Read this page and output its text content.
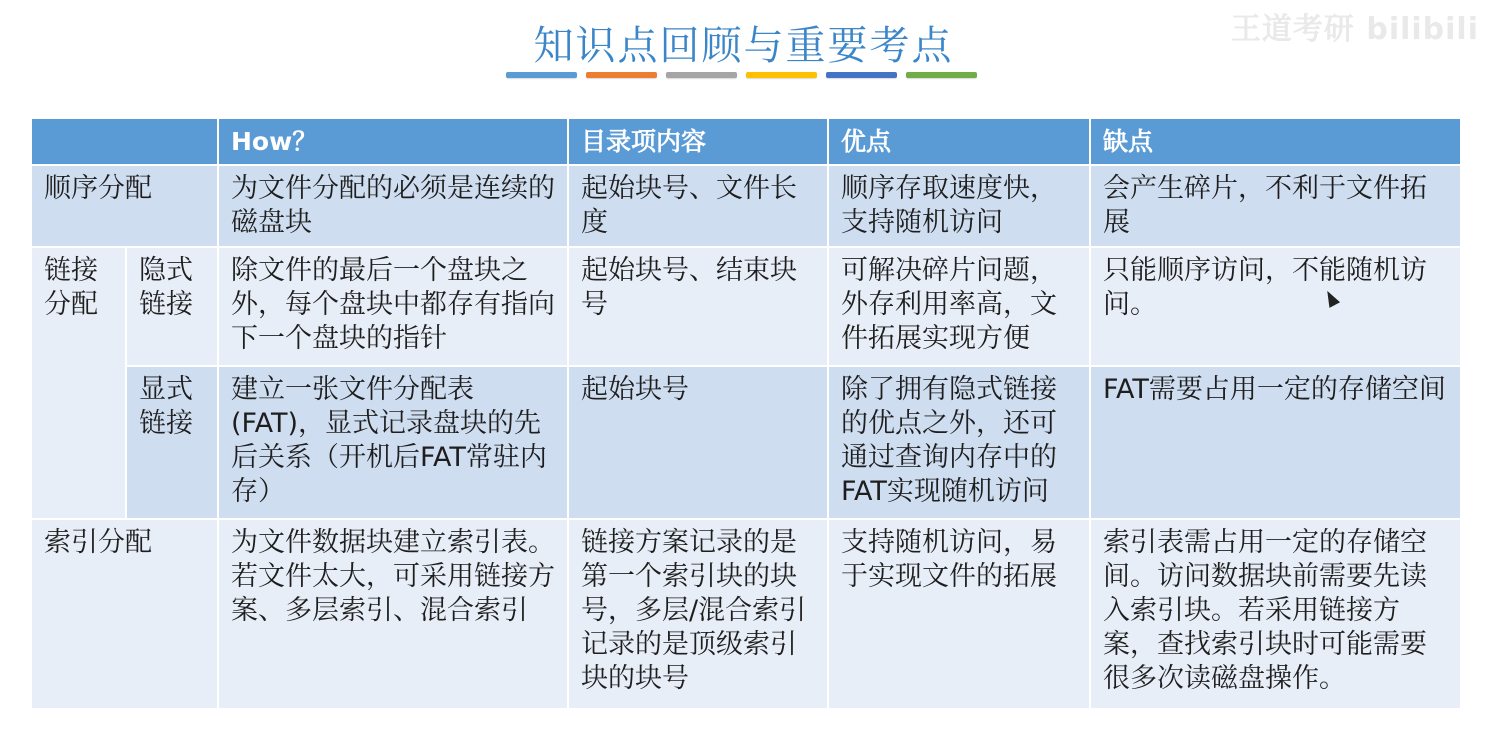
知识点回顾与重要考点	王道考研 bilibili
		How？	目录项内容	优点	缺点
顺序分配		为文件分配的必须是连续的磁盘块	起始块号、文件长度	顺序存取速度快，支持随机访问	会产生碎片，不利于文件拓展
链接分配	隐式链接	除文件的最后一个盘块之外，每个盘块中都存有指向下一个盘块的指针	起始块号、结束块号	可解决碎片问题，外存利用率高，文件拓展实现方便	只能顺序访问，不能随机访问。
	显式链接	建立一张文件分配表(FAT)，显式记录盘块的先后关系（开机后FAT常驻内存）	起始块号	除了拥有隐式链接的优点之外，还可通过查询内存中的FAT实现随机访问	FAT需要占用一定的存储空间
索引分配		为文件数据块建立索引表。若文件太大，可采用链接方案、多层索引、混合索引	链接方案记录的是第一个索引块的块号，多层/混合索引记录的是顶级索引块的块号	支持随机访问，易于实现文件的拓展	索引表需占用一定的存储空间。访问数据块前需要先读入索引块。若采用链接方案，查找索引块时可能需要很多次读磁盘操作。
